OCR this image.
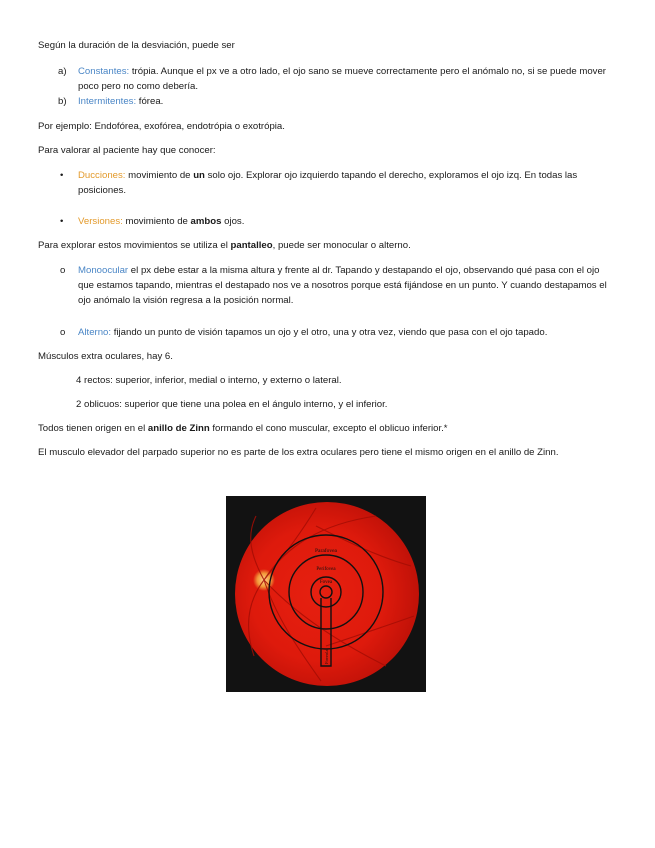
Según la duración de la desviación, puede ser

a) Constantes: trópia. Aunque el px ve a otro lado, el ojo sano se mueve correctamente pero el anómalo no, si se puede mover poco pero no como debería.

b) Intermitentes: fórea.

Por ejemplo: Endofórea, exofórea, endotrópia o exotrópia.

Para valorar al paciente hay que conocer:

• Ducciones: movimiento de un solo ojo. Explorar ojo izquierdo tapando el derecho, exploramos el ojo izq. En todas las posiciones.

• Versiones: movimiento de ambos ojos.

Para explorar estos movimientos se utiliza el pantalleo, puede ser monocular o alterno.

o Monoocular el px debe estar a la misma altura y frente al dr. Tapando y destapando el ojo, observando qué pasa con el ojo que estamos tapando, mientras el destapado nos ve a nosotros porque está fijándose en un punto. Y cuando destapamos el ojo anómalo la visión regresa a la posición normal.

o Alterno: fijando un punto de visión tapamos un ojo y el otro, una y otra vez, viendo que pasa con el ojo tapado.

Músculos extra oculares, hay 6.

4 rectos: superior, inferior, medial o interno, y externo o lateral.

2 oblicuos: superior que tiene una polea en el ángulo interno, y el inferior.

Todos tienen origen en el anillo de Zinn formando el cono muscular, excepto el oblicuo inferior.*

El musculo elevador del parpado superior no es parte de los extra oculares pero tiene el mismo origen en el anillo de Zinn.

Parafovea
Perifovea
Fovea
Foveola
